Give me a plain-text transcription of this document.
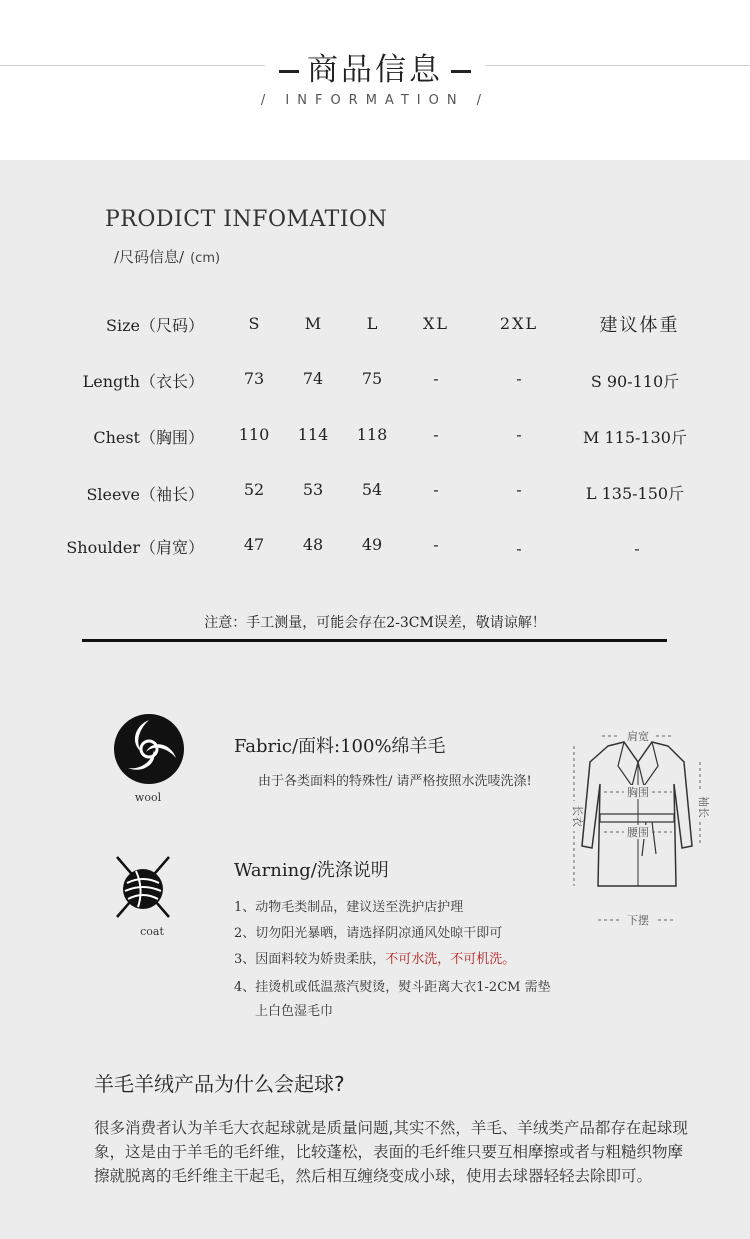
商品信息
/ INFORMATION /
PRODICT INFOMATION
/尺码信息/ (cm)
Size（尺码）	S	M	L	XL	2XL	建议体重
Length（衣长）	73	74	75	-	-	S 90-110斤
Chest（胸围） 110 114 118	-	-	M 115-130斤
Sleeve（袖长）	52	53	54	-	-	L 135-150斤
Shoulder（肩宽）	47	48	49	-	-	-
注意：手工测量，可能会存在2-3CM误差，敬请谅解！
wool
coat
Fabric/面料:100%绵羊毛
由于各类面料的特殊性/ 请严格按照水洗唛洗涤!
Warning/洗涤说明
1、动物毛类制品，建议送至洗护店护理
2、切勿阳光暴晒，请选择阴凉通风处晾干即可
3、因面料较为娇贵柔肤，不可水洗，不可机洗。
4、挂烫机或低温蒸汽熨烫，熨斗距离大衣1-2CM 需垫
上白色湿毛巾
肩宽
胸围
腰围
长衣	袖长
下摆
羊毛羊绒产品为什么会起球?
很多消费者认为羊毛大衣起球就是质量问题,其实不然，羊毛、羊绒类产品都存在起球现象，这是由于羊毛的毛纤维，比较蓬松，表面的毛纤维只要互相摩擦或者与粗糙织物摩擦就脱离的毛纤维主干起毛，然后相互缠绕变成小球，使用去球器轻轻去除即可。
